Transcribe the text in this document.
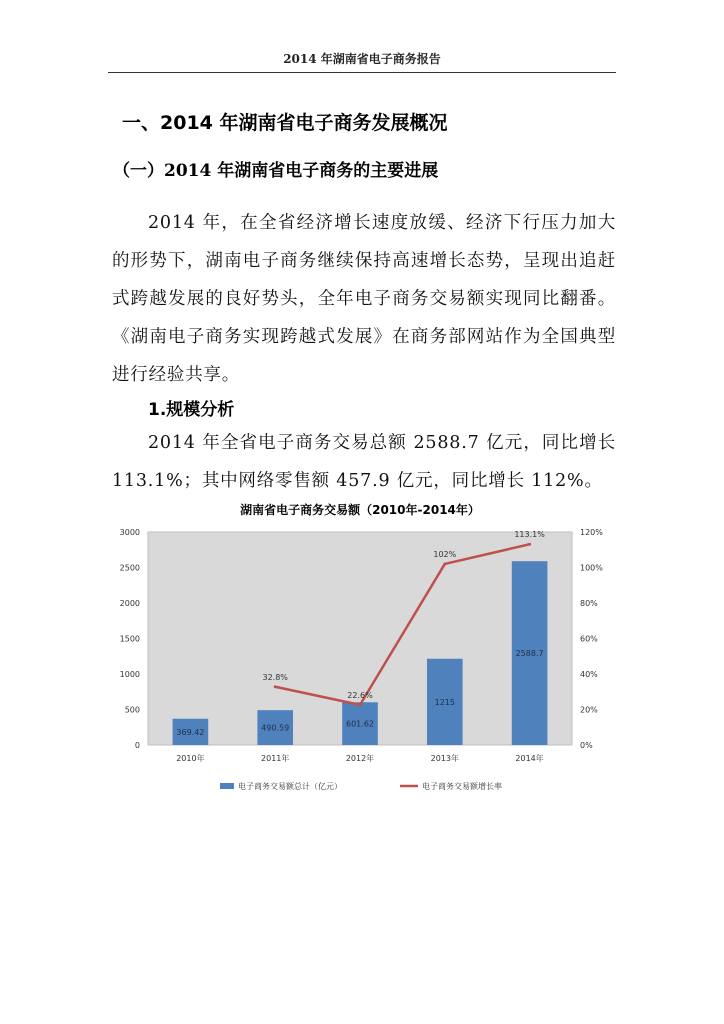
2014 年湖南省电子商务报告
一、2014 年湖南省电子商务发展概况
（一）2014 年湖南省电子商务的主要进展
2014 年，在全省经济增长速度放缓、经济下行压力加大的形势下，湖南电子商务继续保持高速增长态势，呈现出追赶式跨越发展的良好势头，全年电子商务交易额实现同比翻番。《湖南电子商务实现跨越式发展》在商务部网站作为全国典型进行经验共享。
1.规模分析
2014 年全省电子商务交易总额 2588.7 亿元，同比增长 113.1%；其中网络零售额 457.9 亿元，同比增长 112%。
湖南省电子商务交易额（2010年-2014年）
0
500
1000
1500
2000
2500
3000
0%
20%
40%
60%
80%
100%
120%
369.42	490.59	601.62
1215
2588.7
32.8%
22.6%
102%
113.1%
2010年	2011年	2012年	2013年	2014年
电子商务交易额总计（亿元）	电子商务交易额增长率
